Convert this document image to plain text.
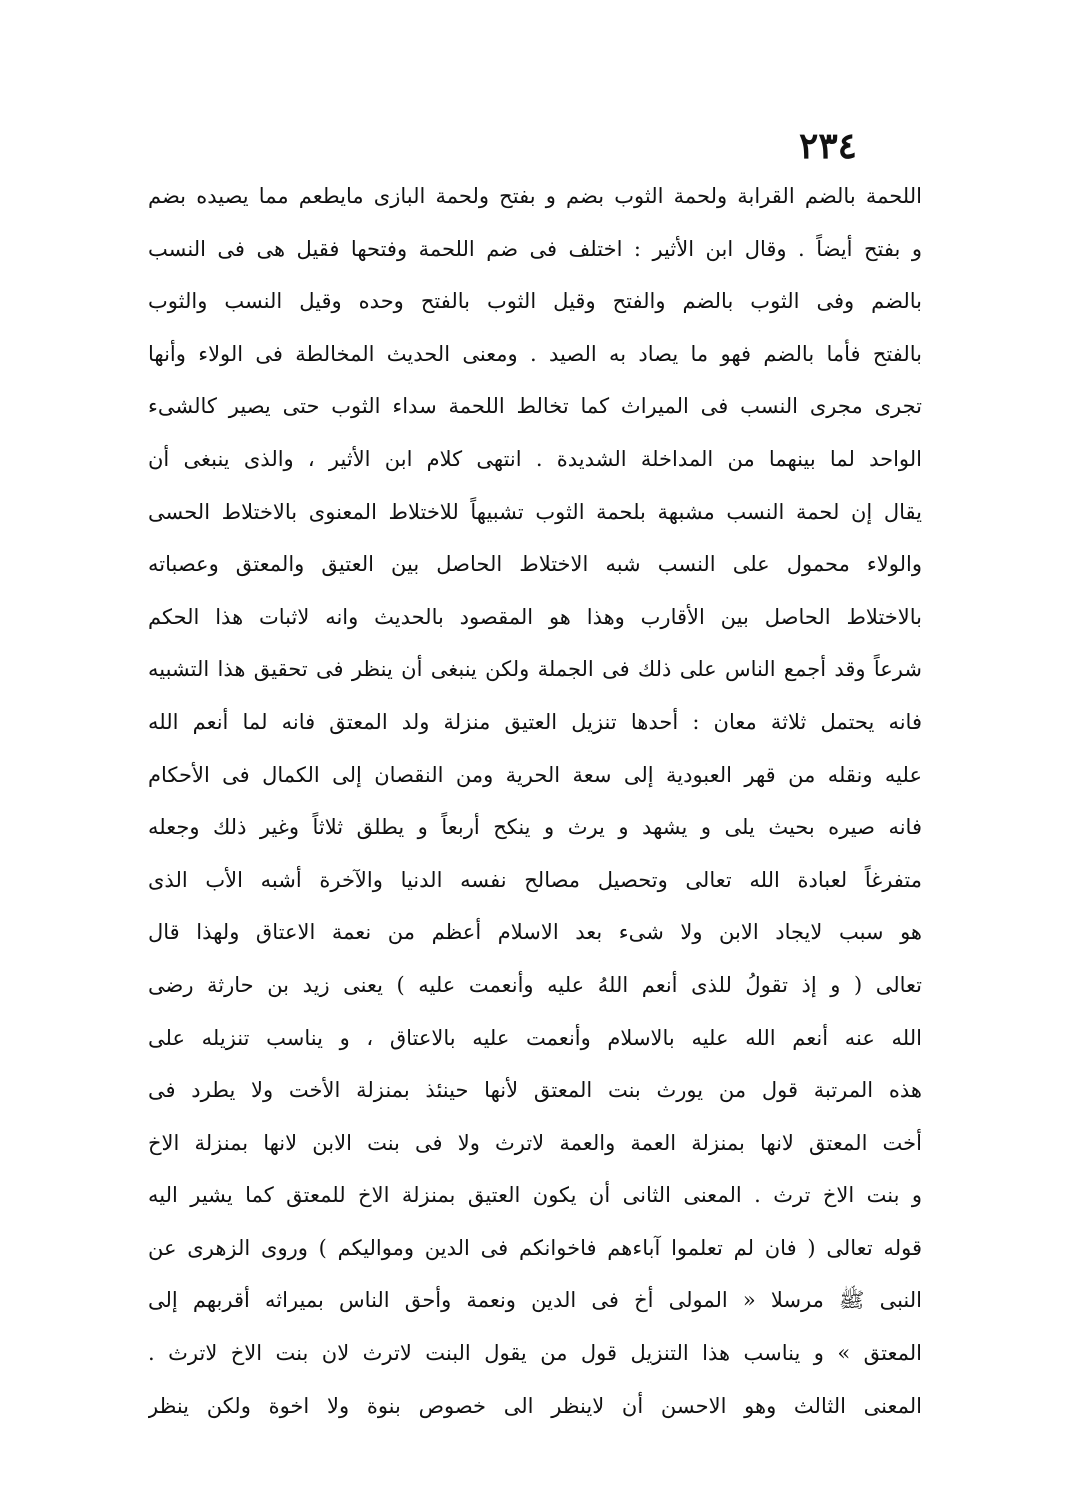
٢٣٤
اللحمة بالضم القرابة ولحمة الثوب بضم و بفتح ولحمة البازى مايطعم مما يصيده بضم
و بفتح أيضاً . وقال ابن الأثير : اختلف فى ضم اللحمة وفتحها فقيل هى فى النسب
بالضم وفى الثوب بالضم والفتح وقيل الثوب بالفتح وحده وقيل النسب والثوب
بالفتح فأما بالضم فهو ما يصاد به الصيد . ومعنى الحديث المخالطة فى الولاء وأنها
تجرى مجرى النسب فى الميراث كما تخالط اللحمة سداء الثوب حتى يصير كالشىء
الواحد لما بينهما من المداخلة الشديدة . انتهى كلام ابن الأثير ، والذى ينبغى أن
يقال إن لحمة النسب مشبهة بلحمة الثوب تشبيهاً للاختلاط المعنوى بالاختلاط الحسى
والولاء محمول على النسب شبه الاختلاط الحاصل بين العتيق والمعتق وعصباته
بالاختلاط الحاصل بين الأقارب وهذا هو المقصود بالحديث وانه لاثبات هذا الحكم
شرعاً وقد أجمع الناس على ذلك فى الجملة ولكن ينبغى أن ينظر فى تحقيق هذا التشبيه
فانه يحتمل ثلاثة معان : أحدها تنزيل العتيق منزلة ولد المعتق فانه لما أنعم الله
عليه ونقله من قهر العبودية إلى سعة الحرية ومن النقصان إلى الكمال فى الأحكام
فانه صيره بحيث يلى و يشهد و يرث و ينكح أربعاً و يطلق ثلاثاً وغير ذلك وجعله
متفرغاً لعبادة الله تعالى وتحصيل مصالح نفسه الدنيا والآخرة أشبه الأب الذى
هو سبب لايجاد الابن ولا شىء بعد الاسلام أعظم من نعمة الاعتاق ولهذا قال
تعالى ( و إذ تقولُ للذى أنعم اللهُ عليه وأنعمت عليه ) يعنى زيد بن حارثة رضى
الله عنه أنعم الله عليه بالاسلام وأنعمت عليه بالاعتاق ، و يناسب تنزيله على
هذه المرتبة قول من يورث بنت المعتق لأنها حينئذ بمنزلة الأخت ولا يطرد فى
أخت المعتق لانها بمنزلة العمة والعمة لاترث ولا فى بنت الابن لانها بمنزلة الاخ
و بنت الاخ ترث . المعنى الثانى أن يكون العتيق بمنزلة الاخ للمعتق كما يشير اليه
قوله تعالى ( فان لم تعلموا آباءهم فاخوانكم فى الدين ومواليكم ) وروى الزهرى عن
النبى ﷺ مرسلا « المولى أخ فى الدين ونعمة وأحق الناس بميراثه أقربهم إلى
المعتق » و يناسب هذا التنزيل قول من يقول البنت لاترث لان بنت الاخ لاترث .
المعنى الثالث وهو الاحسن أن لاينظر الى خصوص بنوة ولا اخوة ولكن ينظر
